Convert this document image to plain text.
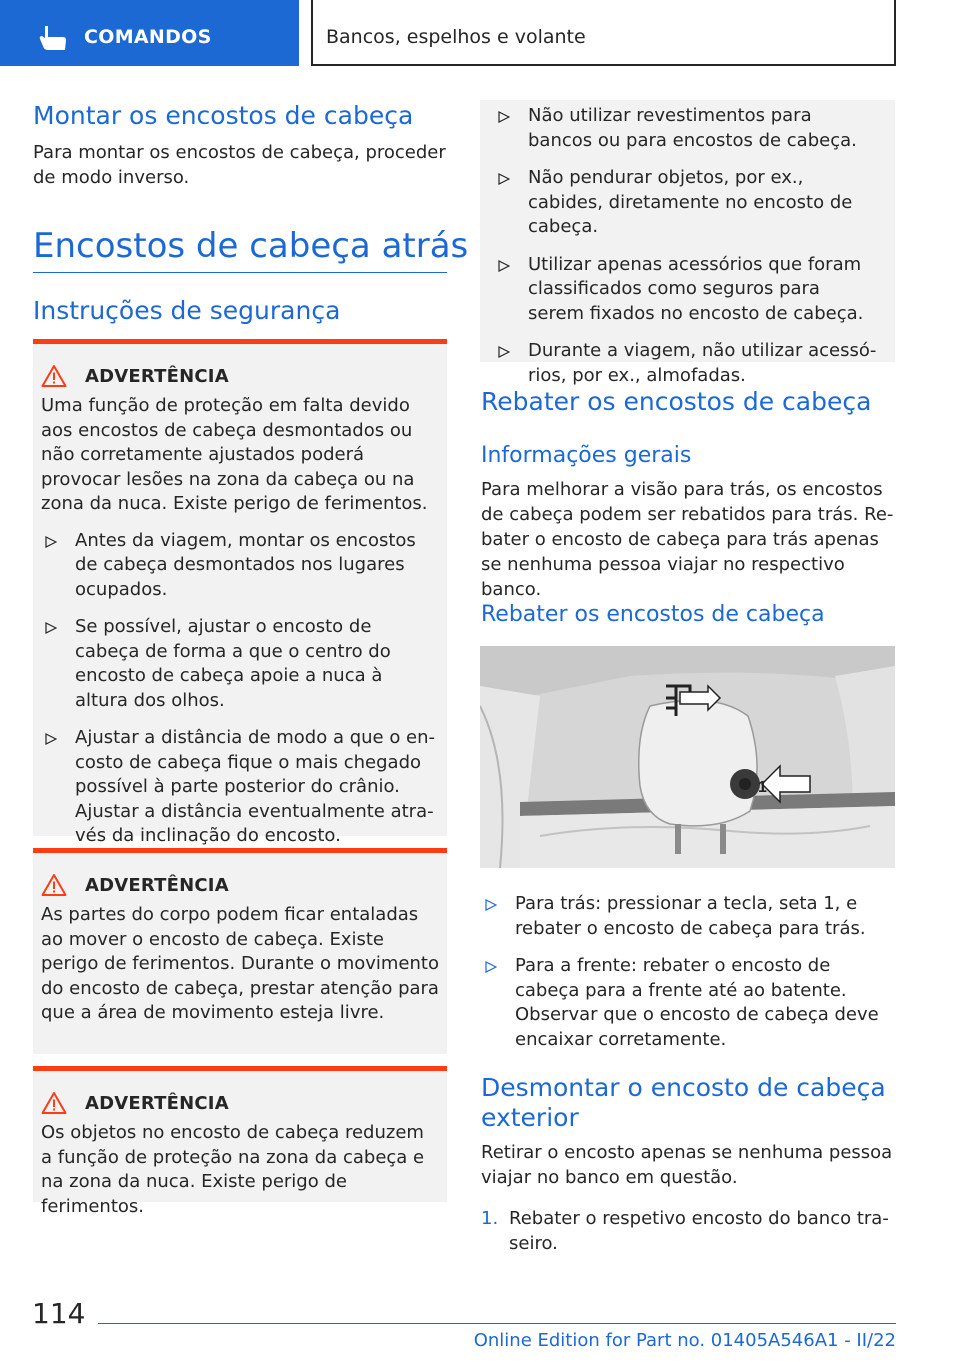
COMANDOS	Bancos, espelhos e volante
Montar os encostos de cabeça

Para montar os encostos de cabeça, proceder de modo inverso.

Encostos de cabeça atrás
Instruções de segurança
ADVERTÊNCIA

Uma função de proteção em falta devido aos encostos de cabeça desmontados ou não corretamente ajustados poderá provocar lesões na zona da cabeça ou na zona da nuca. Existe perigo de ferimentos.

Antes da viagem, montar os encostos de cabeça desmontados nos lugares ocupados.
Se possível, ajustar o encosto de cabeça de forma a que o centro do encosto de cabeça apoie a nuca à altura dos olhos.
Ajustar a distância de modo a que o encosto de cabeça fique o mais chegado possível à parte posterior do crânio. Ajustar a distância eventualmente através da inclinação do encosto.
ADVERTÊNCIA

As partes do corpo podem ficar entaladas ao mover o encosto de cabeça. Existe perigo de ferimentos. Durante o movimento do encosto de cabeça, prestar atenção para que a área de movimento esteja livre.

ADVERTÊNCIA

Os objetos no encosto de cabeça reduzem a função de proteção na zona da cabeça e na zona da nuca. Existe perigo de ferimentos.

Não utilizar revestimentos para bancos ou para encostos de cabeça.
Não pendurar objetos, por ex., cabides, diretamente no encosto de cabeça.
Utilizar apenas acessórios que foram classificados como seguros para serem fixados no encosto de cabeça.
Durante a viagem, não utilizar acessórios, por ex., almofadas.
Rebater os encostos de cabeça
Informações gerais

Para melhorar a visão para trás, os encostos de cabeça podem ser rebatidos para trás. Rebater o encosto de cabeça para trás apenas se nenhuma pessoa viajar no respectivo banco.

Rebater os encostos de cabeça
1
Para trás: pressionar a tecla, seta 1, e rebater o encosto de cabeça para trás.
Para a frente: rebater o encosto de cabeça para a frente até ao batente. Observar que o encosto de cabeça deve encaixar corretamente.
Desmontar o encosto de cabeça exterior

Retirar o encosto apenas se nenhuma pessoa viajar no banco em questão.

1. Rebater o respetivo encosto do banco traseiro.
114
Online Edition for Part no. 01405A546A1 - II/22
